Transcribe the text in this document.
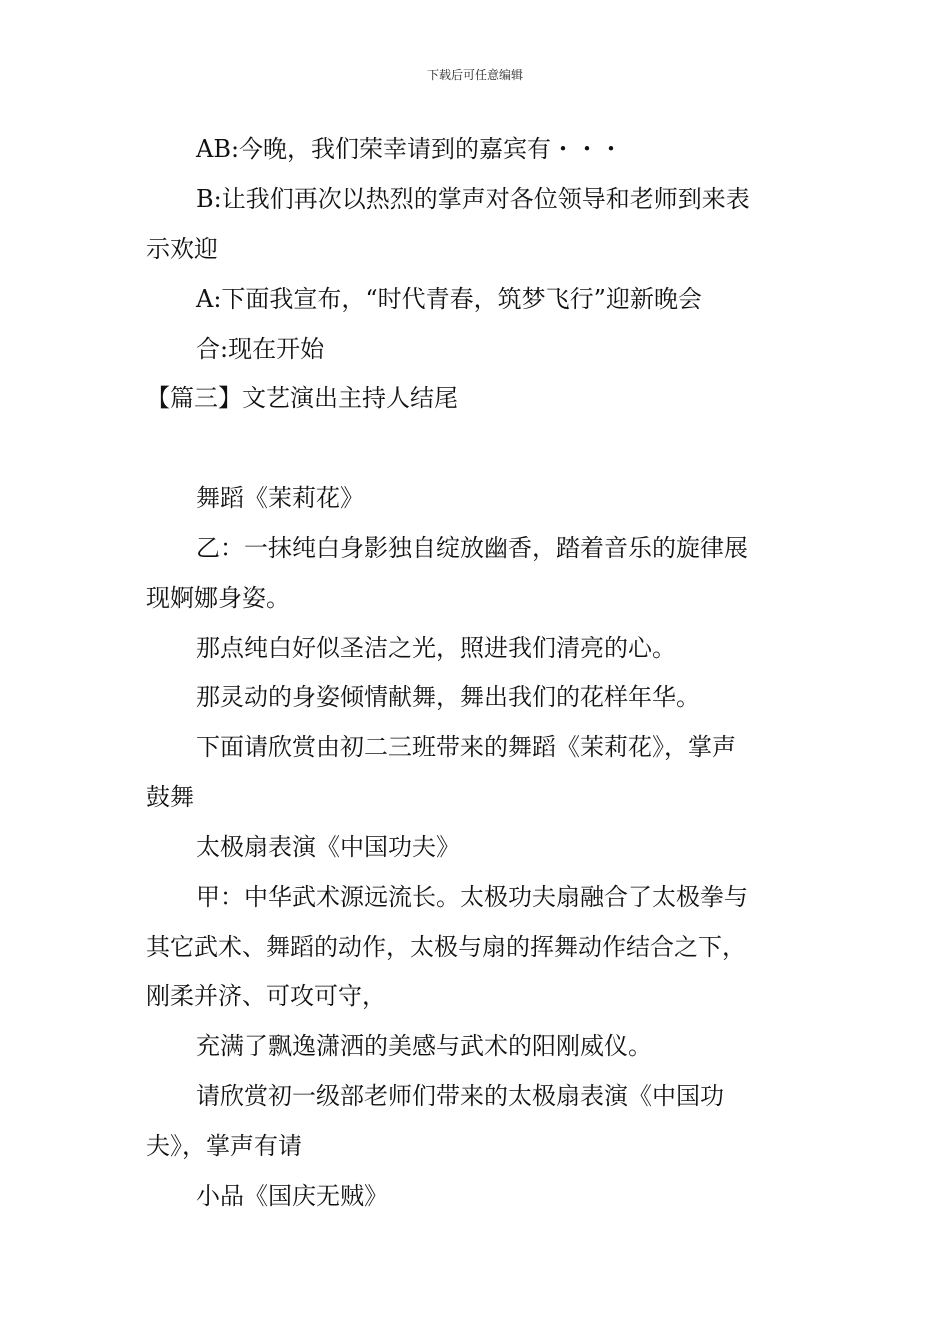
下载后可任意编辑

AB:今晚，我们荣幸请到的嘉宾有・・・

B:让我们再次以热烈的掌声对各位领导和老师到来表

示欢迎

A:下面我宣布，“时代青春，筑梦飞行”迎新晚会

合:现在开始

【篇三】文艺演出主持人结尾

舞蹈《茉莉花》

乙：一抹纯白身影独自绽放幽香，踏着音乐的旋律展

现婀娜身姿。

那点纯白好似圣洁之光，照进我们清亮的心。

那灵动的身姿倾情献舞，舞出我们的花样年华。

下面请欣赏由初二三班带来的舞蹈《茉莉花》，掌声

鼓舞

太极扇表演《中国功夫》

甲：中华武术源远流长。太极功夫扇融合了太极拳与

其它武术、舞蹈的动作，太极与扇的挥舞动作结合之下，

刚柔并济、可攻可守，

充满了飘逸潇洒的美感与武术的阳刚威仪。

请欣赏初一级部老师们带来的太极扇表演《中国功

夫》，掌声有请

小品《国庆无贼》
